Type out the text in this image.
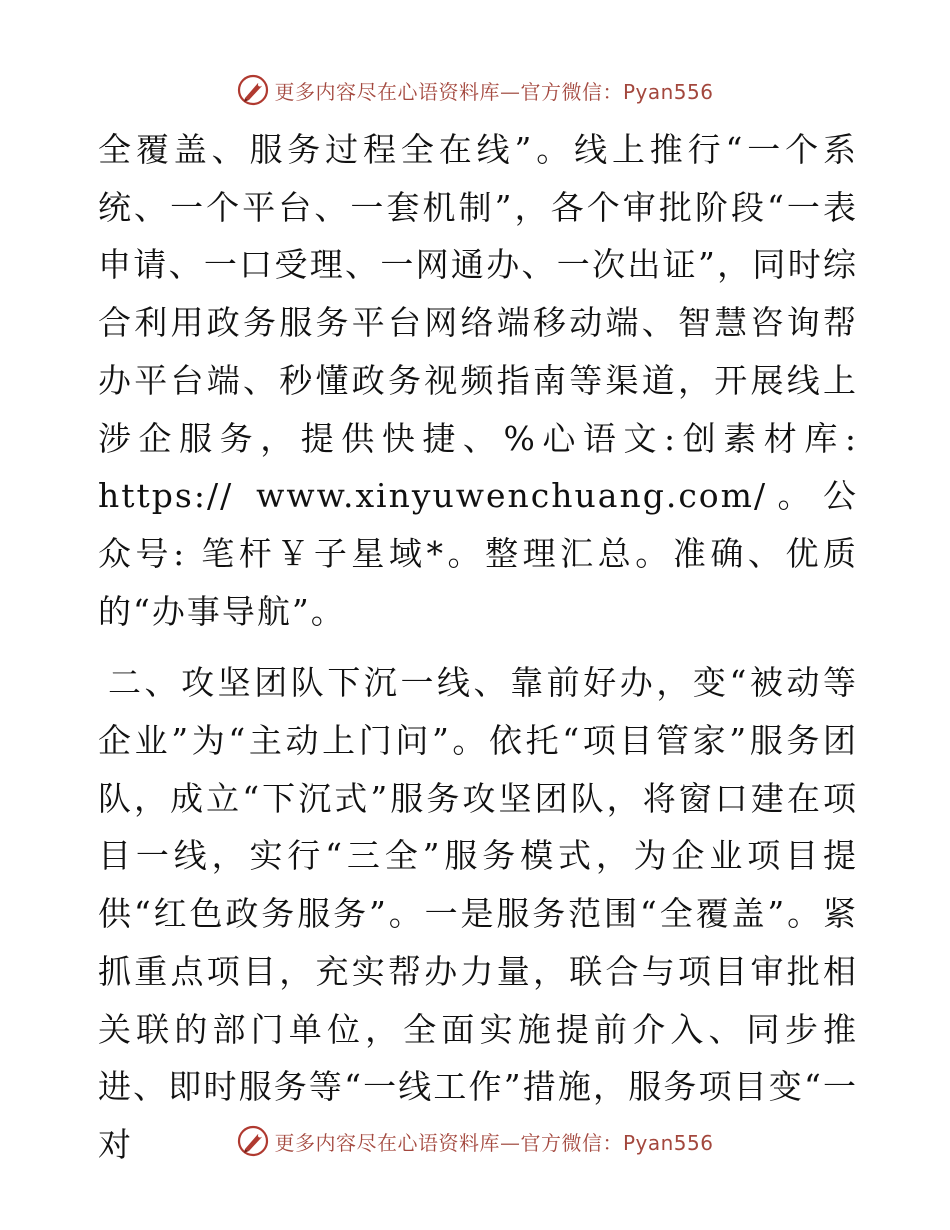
更多内容尽在心语资料库—官方微信：Pyan556

全覆盖、服务过程全在线”。线上推行“一个系统、一个平台、一套机制”，各个审批阶段“一表申请、一口受理、一网通办、一次出证”，同时综合利用政务服务平台网络端移动端、智慧咨询帮办平台端、秒懂政务视频指南等渠道，开展线上涉企服务，提供快捷、%心语文:创素材库: https:// www.xinyuwenchuang.com/。公众号: 笔杆￥子星域*。整理汇总。准确、优质的“办事导航”。

二、攻坚团队下沉一线、靠前好办，变“被动等企业”为“主动上门问”。依托“项目管家”服务团队，成立“下沉式”服务攻坚团队，将窗口建在项目一线，实行“三全”服务模式，为企业项目提供“红色政务服务”。一是服务范围“全覆盖”。紧抓重点项目，充实帮办力量，联合与项目审批相关联的部门单位，全面实施提前介入、同步推进、即时服务等“一线工作”措施，服务项目变“一对	更多内容尽在心语资料库—官方微信：Pyan556
